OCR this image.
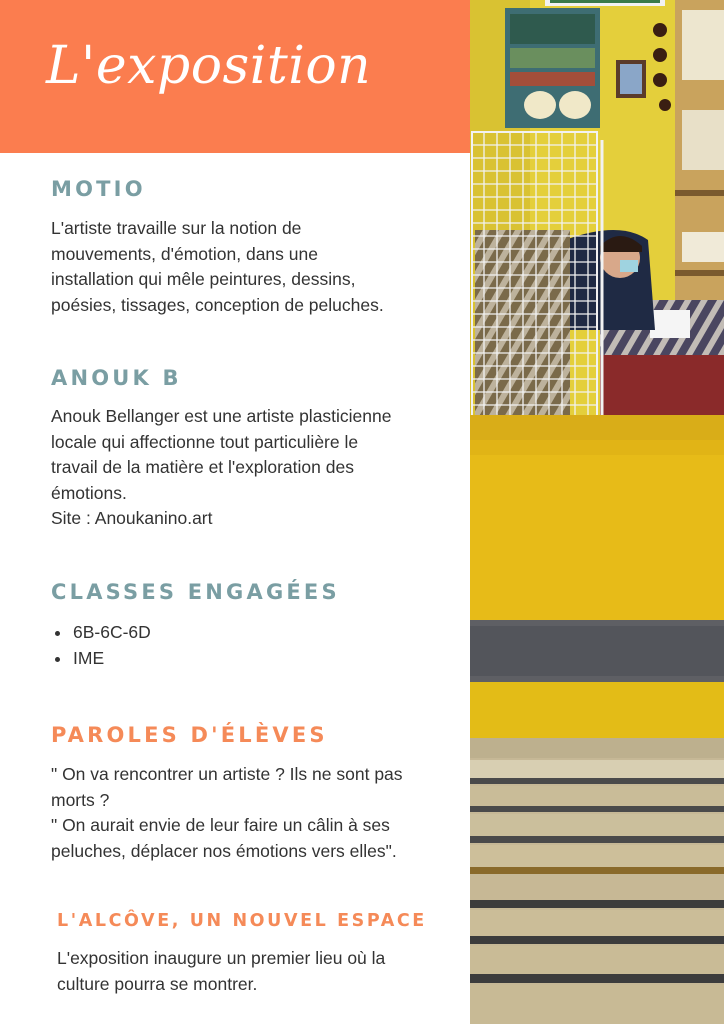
L'exposition
MOTIO
L'artiste travaille sur la notion de
mouvements, d'émotion, dans une
installation qui mêle peintures, dessins,
poésies, tissages, conception de peluches.
ANOUK B
Anouk Bellanger est une artiste plasticienne
locale qui affectionne tout particulière le
travail de la matière et l'exploration des
émotions.
Site : Anoukanino.art
CLASSES ENGAGÉES
6B-6C-6D
IME
PAROLES D'ÉLÈVES
" On va rencontrer un artiste ? Ils ne sont pas
morts ?
" On aurait envie de leur faire un câlin à ses
peluches, déplacer nos émotions vers elles".
L'ALCÔVE, UN NOUVEL ESPACE
L'exposition inaugure un premier lieu où la
culture pourra se montrer.
